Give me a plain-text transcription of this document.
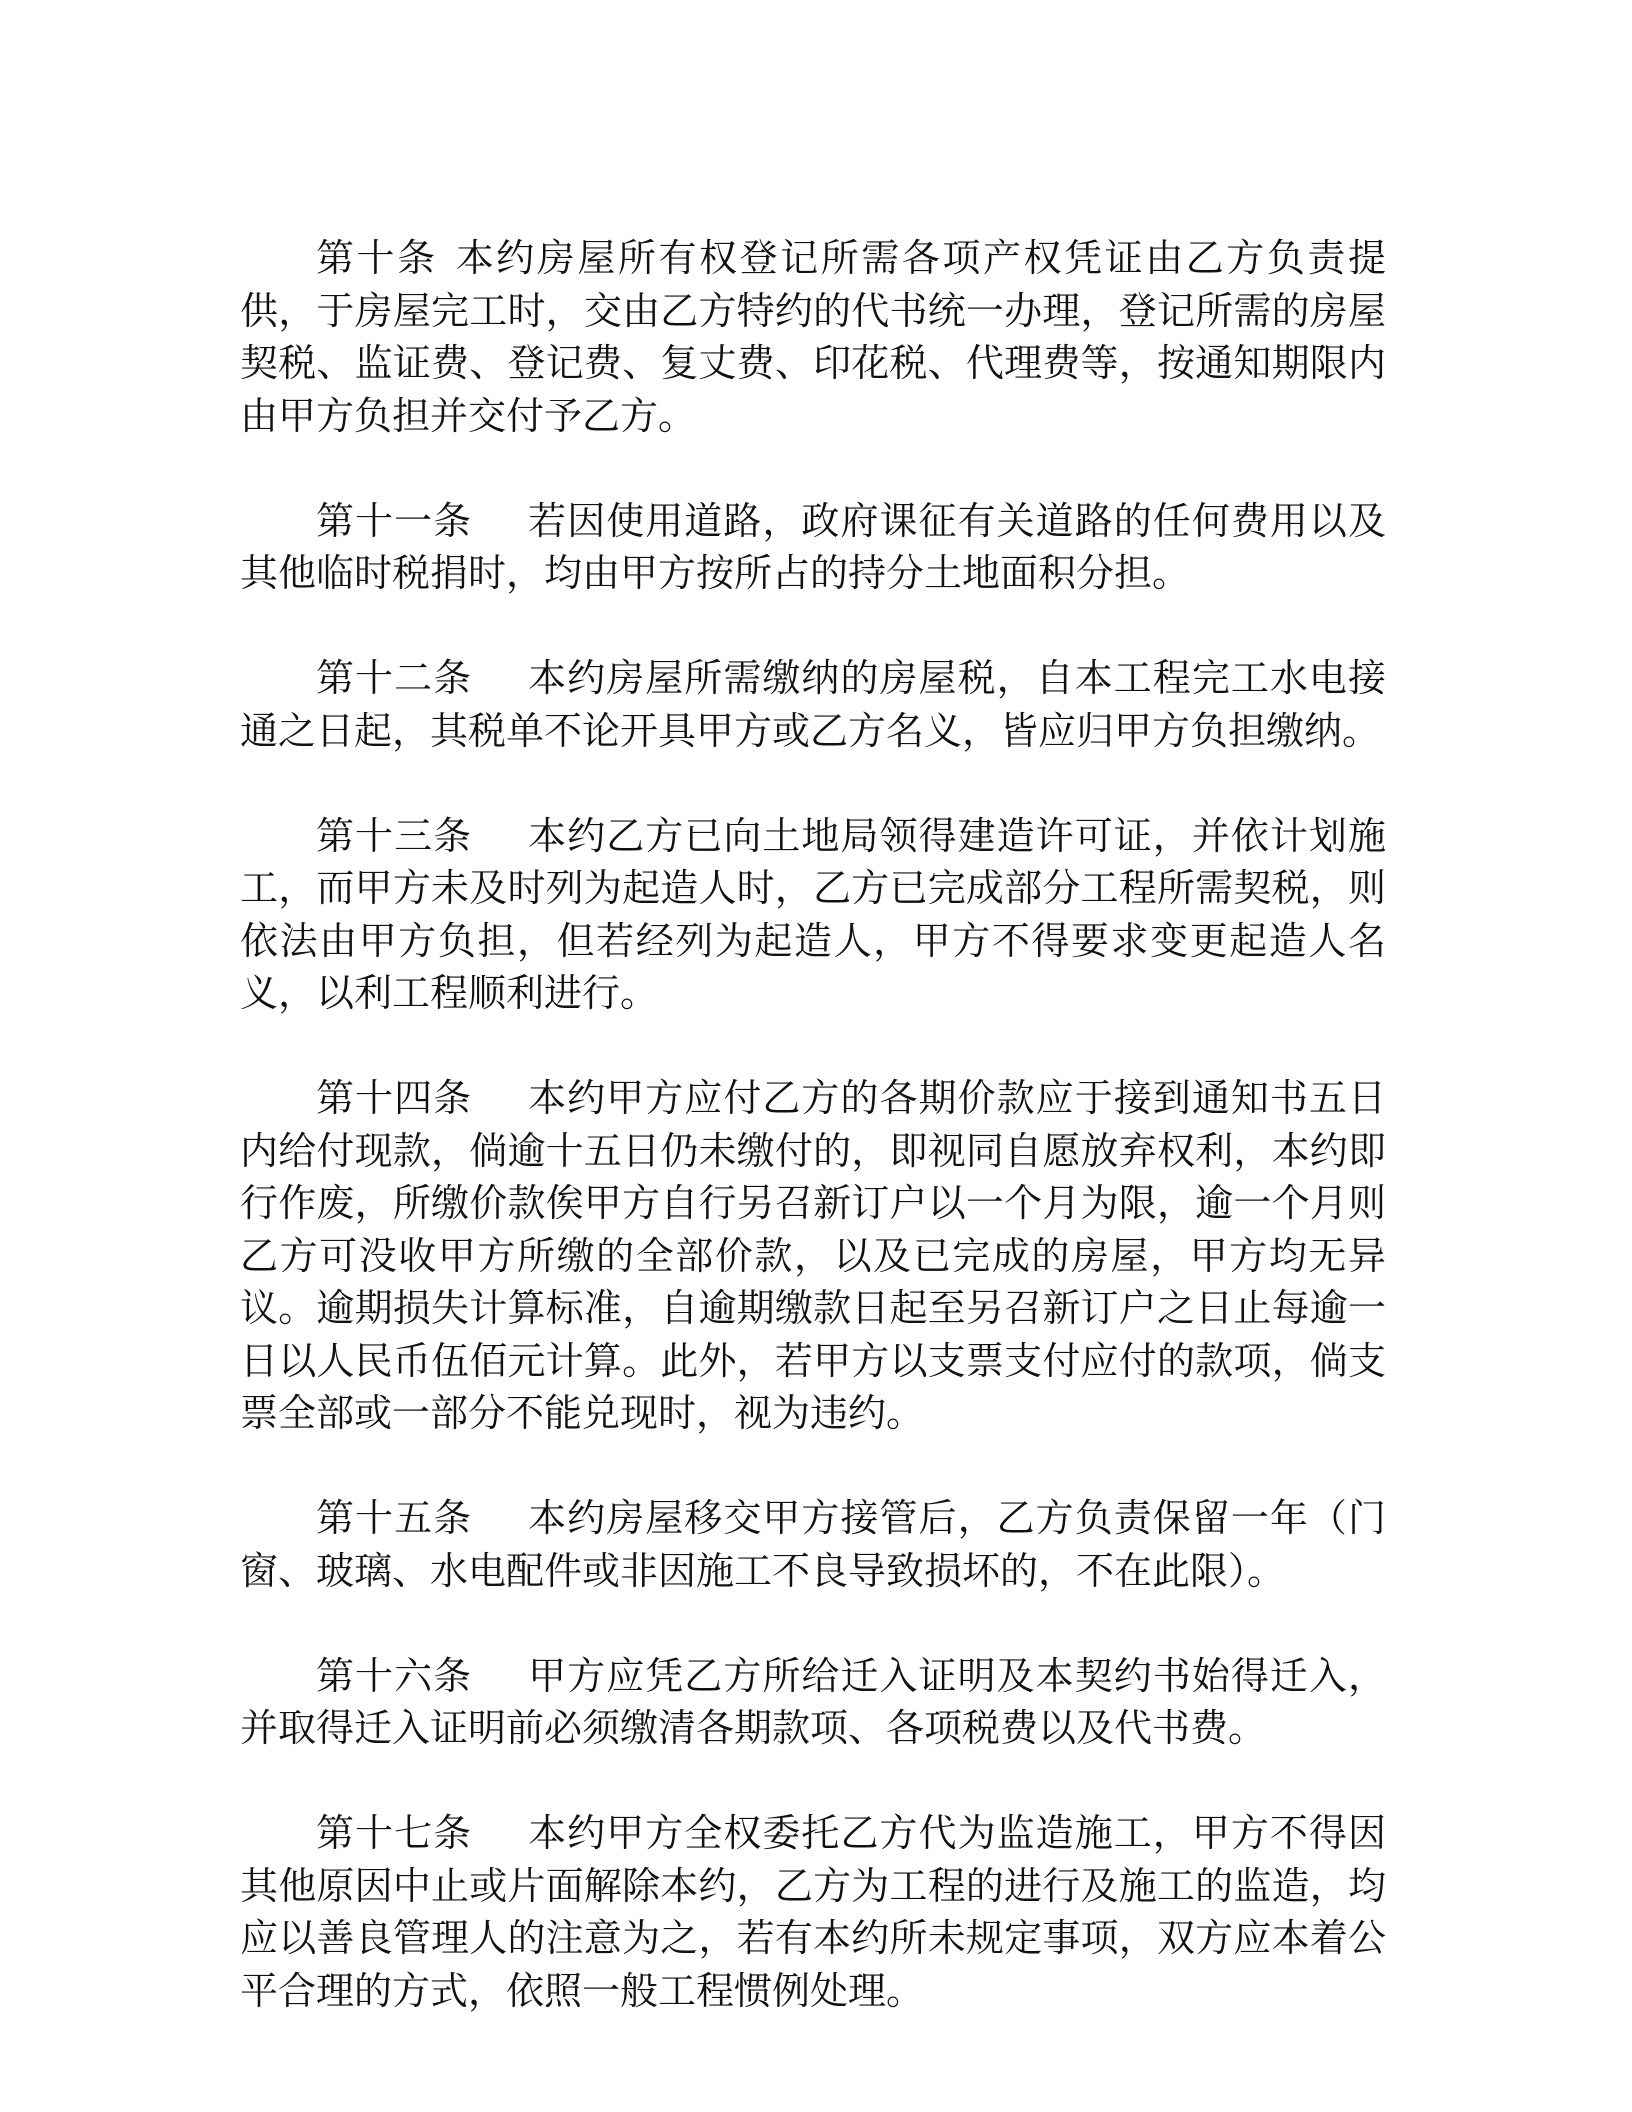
第十条 本约房屋所有权登记所需各项产权凭证由乙方负责提供，于房屋完工时，交由乙方特约的代书统一办理，登记所需的房屋契税、监证费、登记费、复丈费、印花税、代理费等，按通知期限内由甲方负担并交付予乙方。

第十一条 若因使用道路，政府课征有关道路的任何费用以及其他临时税捐时，均由甲方按所占的持分土地面积分担。

第十二条 本约房屋所需缴纳的房屋税，自本工程完工水电接通之日起，其税单不论开具甲方或乙方名义，皆应归甲方负担缴纳。

第十三条 本约乙方已向土地局领得建造许可证，并依计划施工，而甲方未及时列为起造人时，乙方已完成部分工程所需契税，则依法由甲方负担，但若经列为起造人，甲方不得要求变更起造人名义，以利工程顺利进行。

第十四条 本约甲方应付乙方的各期价款应于接到通知书五日内给付现款，倘逾十五日仍未缴付的，即视同自愿放弃权利，本约即行作废，所缴价款俟甲方自行另召新订户以一个月为限，逾一个月则乙方可没收甲方所缴的全部价款，以及已完成的房屋，甲方均无异议。逾期损失计算标准，自逾期缴款日起至另召新订户之日止每逾一日以人民币伍佰元计算。此外，若甲方以支票支付应付的款项，倘支票全部或一部分不能兑现时，视为违约。

第十五条 本约房屋移交甲方接管后，乙方负责保留一年（门窗、玻璃、水电配件或非因施工不良导致损坏的，不在此限）。

第十六条 甲方应凭乙方所给迁入证明及本契约书始得迁入，并取得迁入证明前必须缴清各期款项、各项税费以及代书费。

第十七条 本约甲方全权委托乙方代为监造施工，甲方不得因其他原因中止或片面解除本约，乙方为工程的进行及施工的监造，均应以善良管理人的注意为之，若有本约所未规定事项，双方应本着公平合理的方式，依照一般工程惯例处理。
